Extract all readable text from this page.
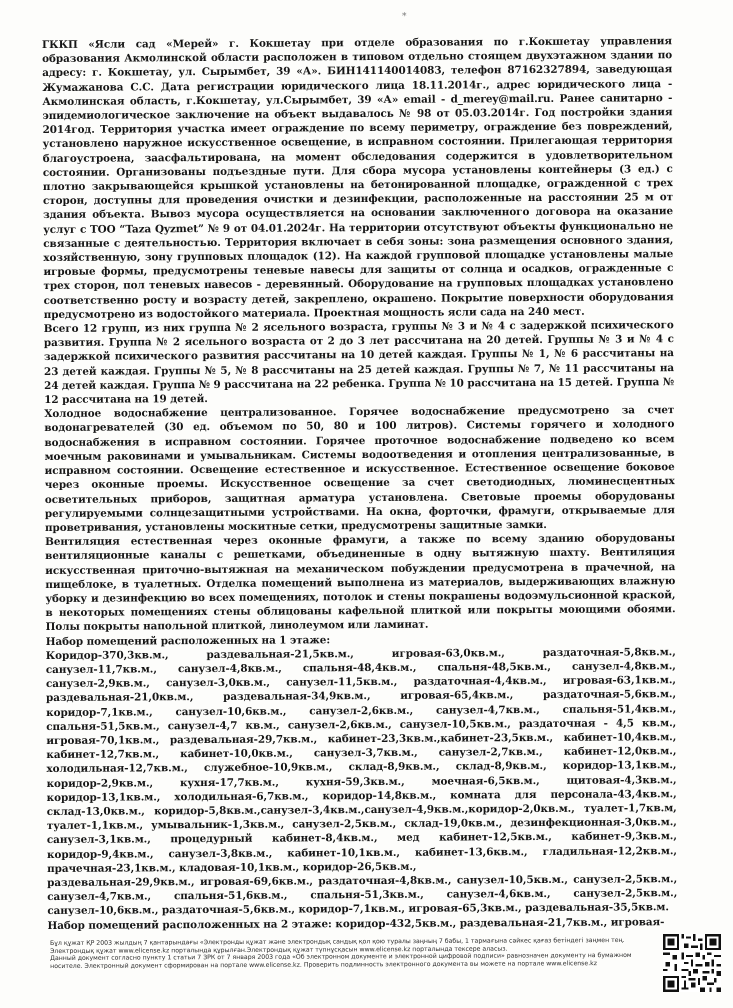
*

ГККП «Ясли сад «Мерей» г. Кокшетау при отделе образования по г.Кокшетау управления образования Акмолинской области расположен в типовом отдельно стоящем двухэтажном здании по адресу: г. Кокшетау, ул. Сырымбет, 39 «А». БИН141140014083, телефон 87162327894, заведующая Жумажанова С.С. Дата регистрации юридического лица 18.11.2014г., адрес юридического лица - Акмолинская область, г.Кокшетау, ул.Сырымбет, 39 «А» email - d_merey@mail.ru. Ранее санитарно - эпидемиологическое заключение на объект выдавалось № 98 от 05.03.2014г. Год постройки здания 2014год. Территория участка имеет ограждение по всему периметру, ограждение без повреждений, установлено наружное искусственное освещение, в исправном состоянии. Прилегающая территория благоустроена, заасфальтирована, на момент обследования содержится в удовлетворительном состоянии. Организованы подъездные пути. Для сбора мусора установлены контейнеры (3 ед.) с плотно закрывающейся крышкой установлены на бетонированной площадке, огражденной с трех сторон, доступны для проведения очистки и дезинфекции, расположенные на расстоянии 25 м от здания объекта. Вывоз мусора осуществляется на основании заключенного договора на оказание услуг с ТОО “Taza Qyzmet” № 9 от 04.01.2024г. На территории отсутствуют объекты функционально не связанные с деятельностью. Территория включает в себя зоны: зона размещения основного здания, хозяйственную, зону групповых площадок (12). На каждой групповой площадке установлены малые игровые формы, предусмотрены теневые навесы для защиты от солнца и осадков, огражденные с трех сторон, пол теневых навесов - деревянный. Оборудование на групповых площадках установлено соответственно росту и возрасту детей, закреплено, окрашено. Покрытие поверхности оборудования предусмотрено из водостойкого материала. Проектная мощность ясли сада на 240 мест.

Всего 12 групп, из них группа № 2 ясельного возраста, группы № 3 и № 4 с задержкой психического развития. Группа № 2 ясельного возраста от 2 до 3 лет рассчитана на 20 детей. Группы № 3 и № 4 с задержкой психического развития рассчитаны на 10 детей каждая. Группы № 1, № 6 рассчитаны на 23 детей каждая. Группы № 5, № 8 рассчитаны на 25 детей каждая. Группы № 7, № 11 рассчитаны на 24 детей каждая. Группа № 9 рассчитана на 22 ребенка. Группа № 10 рассчитана на 15 детей. Группа № 12 рассчитана на 19 детей.

Холодное водоснабжение централизованное. Горячее водоснабжение предусмотрено за счет водонагревателей (30 ед. объемом по 50, 80 и 100 литров). Системы горячего и холодного водоснабжения в исправном состоянии. Горячее проточное водоснабжение подведено ко всем моечным раковинами и умывальникам. Системы водоотведения и отопления централизованные, в исправном состоянии. Освещение естественное и искусственное. Естественное освещение боковое через оконные проемы. Искусственное освещение за счет светодиодных, люминесцентных осветительных приборов, защитная арматура установлена. Световые проемы оборудованы регулируемыми солнцезащитными устройствами. На окна, форточки, фрамуги, открываемые для проветривания, установлены москитные сетки, предусмотрены защитные замки.

Вентиляция естественная через оконные фрамуги, а также по всему зданию оборудованы вентиляционные каналы с решетками, объединенные в одну вытяжную шахту. Вентиляция искусственная приточно-вытяжная на механическом побуждении предусмотрена в прачечной, на пищеблоке, в туалетных. Отделка помещений выполнена из материалов, выдерживающих влажную уборку и дезинфекцию во всех помещениях, потолок и стены покрашены водоэмульсионной краской, в некоторых помещениях стены облицованы кафельной плиткой или покрыты моющими обоями. Полы покрыты напольной плиткой, линолеумом или ламинат.

Набор помещений расположенных на 1 этаже:

Коридор-370,3кв.м., раздевальная-21,5кв.м., игровая-63,0кв.м., раздаточная-5,8кв.м., санузел-11,7кв.м., санузел-4,8кв.м., спальня-48,4кв.м., спальня-48,5кв.м., санузел-4,8кв.м., санузел-2,9кв.м., санузел-3,0кв.м., санузел-11,5кв.м., раздаточная-4,4кв.м., игровая-63,1кв.м., раздевальная-21,0кв.м., раздевальная-34,9кв.м., игровая-65,4кв.м., раздаточная-5,6кв.м., коридор-7,1кв.м., санузел-10,6кв.м., санузел-2,6кв.м., санузел-4,7кв.м., спальня-51,4кв.м., спальня-51,5кв.м., санузел-4,7 кв.м., санузел-2,6кв.м., санузел-10,5кв.м., раздаточная - 4,5 кв.м., игровая-70,1кв.м., раздевальная-29,7кв.м., кабинет-23,3кв.м.,кабинет-23,5кв.м., кабинет-10,4кв.м., кабинет-12,7кв.м., кабинет-10,0кв.м., санузел-3,7кв.м., санузел-2,7кв.м., кабинет-12,0кв.м., холодильная-12,7кв.м., служебное-10,9кв.м., склад-8,9кв.м., склад-8,9кв.м., коридор-13,1кв.м., коридор-2,9кв.м., кухня-17,7кв.м., кухня-59,3кв.м., моечная-6,5кв.м., щитовая-4,3кв.м., коридор-13,1кв.м., холодильная-6,7кв.м., коридор-14,8кв.м., комната для персонала-43,4кв.м., склад-13,0кв.м., коридор-5,8кв.м.,санузел-3,4кв.м.,санузел-4,9кв.м.,коридор-2,0кв.м., туалет-1,7кв.м, туалет-1,1кв.м., умывальник-1,3кв.м., санузел-2,5кв.м., склад-19,0кв.м., дезинфекционная-3,0кв.м., санузел-3,1кв.м., процедурный кабинет-8,4кв.м., мед кабинет-12,5кв.м., кабинет-9,3кв.м., коридор-9,4кв.м., санузел-3,8кв.м., кабинет-10,1кв.м., кабинет-13,6кв.м., гладильная-12,2кв.м., прачечная-23,1кв.м., кладовая-10,1кв.м., коридор-26,5кв.м.,

раздевальная-29,9кв.м., игровая-69,6кв.м., раздаточная-4,8кв.м., санузел-10,5кв.м., санузел-2,5кв.м., санузел-4,7кв.м., спальня-51,6кв.м., спальня-51,3кв.м., санузел-4,6кв.м., санузел-2,5кв.м., санузел-10,6кв.м., раздаточная-5,6кв.м., коридор-7,1кв.м., игровая-65,3кв.м., раздевальная-35,5кв.м.

Набор помещений расположенных на 2 этаже: коридор-432,5кв.м., раздевальная-21,7кв.м., игровая-

Бұл құжат ҚР 2003 жылдың 7 қантарындағы «Электронды құжат және электрондық сандық қол қою туралы заңның 7 бабы, 1 тармағына сәйкес қағаз бетіндегі заңмен тең.
Электрондық құжат www.elicense.kz порталында құрылған.Электрондық құжат түпнұсқасын www.elicense.kz порталында тексере аласыз.
Данный документ согласно пункту 1 статьи 7 ЗРК от 7 января 2003 года «Об электронном документе и электронной цифровой подписи» равнозначен документу на бумажном
носителе. Электронный документ сформирован на портале www.elicense.kz. Проверить подлинность электронного документа вы можете на портале www.elicense.kz
